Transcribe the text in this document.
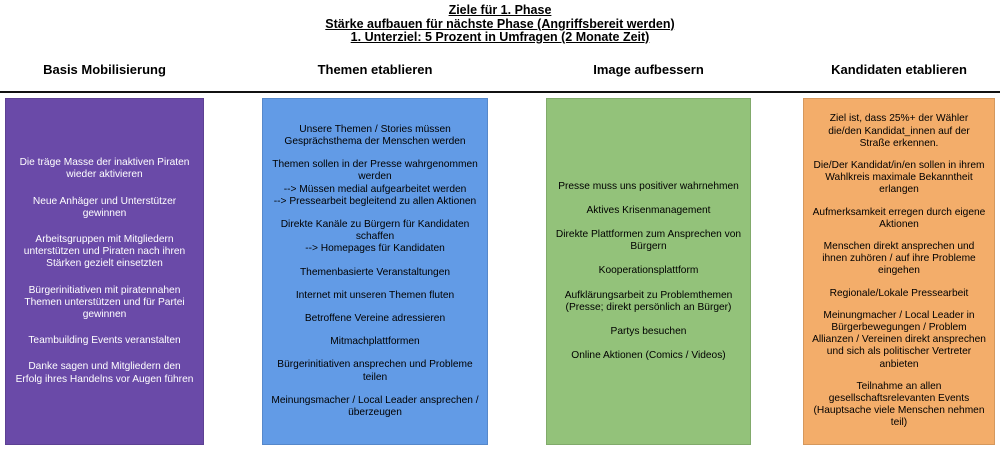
Ziele für 1. Phase
Stärke aufbauen für nächste Phase (Angriffsbereit werden)
1. Unterziel: 5 Prozent in Umfragen (2 Monate Zeit)
Basis Mobilisierung	Themen etablieren	Image aufbessern	Kandidaten etablieren
Die träge Masse der inaktiven Piraten wieder aktivieren
Neue Anhäger und Unterstützer gewinnen
Arbeitsgruppen mit Mitgliedern unterstützen und Piraten nach ihren Stärken gezielt einsetzten
Bürgerinitiativen mit piratennahen Themen unterstützen und für Partei gewinnen
Teambuilding Events veranstalten
Danke sagen und Mitgliedern den Erfolg ihres Handelns vor Augen führen
Unsere Themen / Stories müssen Gesprächsthema der Menschen werden
Themen sollen in der Presse wahrgenommen werden
--> Müssen medial aufgearbeitet werden
--> Pressearbeit begleitend zu allen Aktionen
Direkte Kanäle zu Bürgern für Kandidaten schaffen
--> Homepages für Kandidaten
Themenbasierte Veranstaltungen
Internet mit unseren Themen fluten
Betroffene Vereine adressieren
Mitmachplattformen
Bürgerinitiativen ansprechen und Probleme teilen
Meinungsmacher / Local Leader ansprechen / überzeugen
Presse muss uns positiver wahrnehmen
Aktives Krisenmanagement
Direkte Plattformen zum Ansprechen von Bürgern
Kooperationsplattform
Aufklärungsarbeit zu Problemthemen (Presse; direkt persönlich an Bürger)
Partys besuchen
Online Aktionen (Comics / Videos)
Ziel ist, dass 25%+ der Wähler die/den Kandidat_innen auf der Straße erkennen.
Die/Der Kandidat/in/en sollen in ihrem Wahlkreis maximale Bekanntheit erlangen
Aufmerksamkeit erregen durch eigene Aktionen
Menschen direkt ansprechen und ihnen zuhören / auf ihre Probleme eingehen
Regionale/Lokale Pressearbeit
Meinungmacher / Local Leader in Bürgerbewegungen / Problem Allianzen / Vereinen direkt ansprechen und sich als politischer Vertreter anbieten
Teilnahme an allen gesellschaftsrelevanten Events (Hauptsache viele Menschen nehmen teil)
